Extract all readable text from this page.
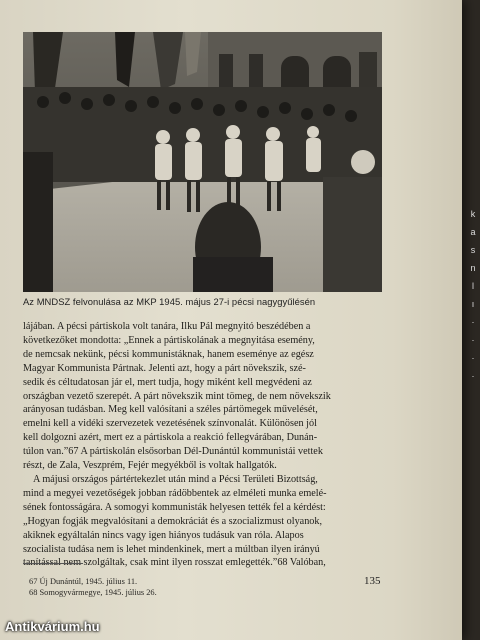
Az MNDSZ felvonulása az MKP 1945. május 27-i pécsi nagygyűlésén
lájában. A pécsi pártiskola volt tanára, Ilku Pál megnyitó beszédében a
következőket mondotta: „Ennek a pártiskolának a megnyitása esemény,
de nemcsak nekünk, pécsi kommunistáknak, hanem eseménye az egész
Magyar Kommunista Pártnak. Jelenti azt, hogy a párt növekszik, szé-
sedik és céltudatosan jár el, mert tudja, hogy miként kell megvédeni az
országban vezető szerepét. A párt növekszik mint tömeg, de nem növekszik
arányosan tudásban. Meg kell valósítani a széles pártömegek művelését,
emelni kell a vidéki szervezetek vezetésének színvonalát. Különösen jól
kell dolgozni azért, mert ez a pártiskola a reakció fellegvárában, Dunán-
túlon van.”67 A pártiskolán elsősorban Dél-Dunántúl kommunistái vettek
részt, de Zala, Veszprém, Fejér megyékből is voltak hallgatók.
A májusi országos pártértekezlet után mind a Pécsi Területi Bizottság,
mind a megyei vezetőségek jobban rádöbbentek az elméleti munka emelé-
sének fontosságára. A somogyi kommunisták helyesen tették fel a kérdést:
„Hogyan fogják megvalósítani a demokráciát és a szocializmust olyanok,
akiknek egyáltalán nincs vagy igen hiányos tudásuk van róla. Alapos
szocialista tudása nem is lehet mindenkinek, mert a múltban ilyen irányú
tanítással nem szolgáltak, csak mint ilyen rosszat emlegették.”68 Valóban,
67 Új Dunántúl, 1945. július 11.
68 Somogyvármegye, 1945. július 26.
135
k
a
s
n
l
ı
·
·
·
·
Antikvárium.hu
